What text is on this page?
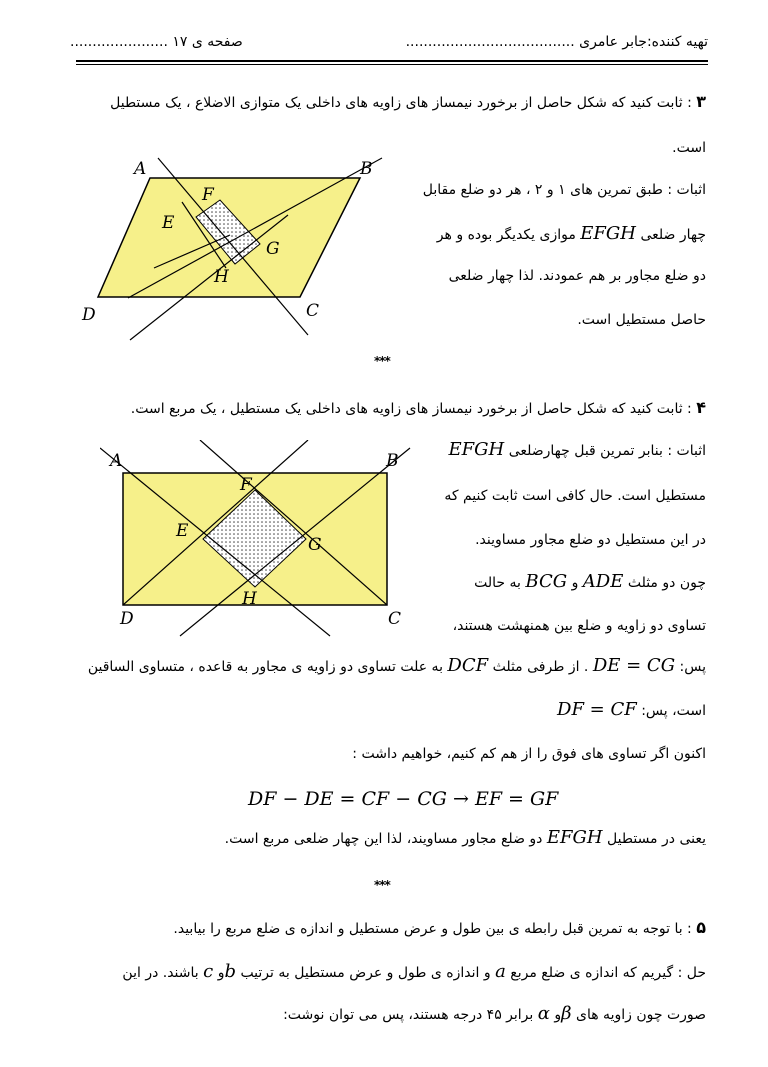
تهیه کننده:جابر عامری ......................................
صفحه ی ۱۷ ......................
۳ : ثابت کنید که شکل حاصل از برخورد نیمساز های زاویه های داخلی یک متوازی الاضلاع ، یک مستطیل
است.
اثبات : طبق تمرین های ۱ و ۲ ، هر دو ضلع مقابل
چهار ضلعی EFGH موازی یکدیگر بوده و هر
دو ضلع مجاور بر هم عمودند. لذا چهار ضلعی
حاصل مستطیل است.
A	B
C
D
E
F
G
H
***
۴ : ثابت کنید که شکل حاصل از برخورد نیمساز های زاویه های داخلی یک مستطیل ، یک مربع است.
اثبات : بنابر تمرین قبل چهارضلعی EFGH
مستطیل است. حال کافی است ثابت کنیم که
در این مستطیل دو ضلع مجاور مساویند.
چون دو مثلث ADE و BCG به حالت
تساوی دو زاویه و ضلع بین همنهشت هستند،
پس: DE = CG . از طرفی مثلث DCF به علت تساوی دو زاویه ی مجاور به قاعده ، متساوی الساقین
است، پس: DF = CF
اکنون اگر تساوی های فوق را از هم کم کنیم، خواهیم داشت :
DF − DE = CF − CG → EF = GF
یعنی در مستطیل EFGH دو ضلع مجاور مساویند، لذا این چهار ضلعی مربع است.
A	B
C
D
E
F
G
H
***
۵ : با توجه به تمرین قبل رابطه ی بین طول و عرض مستطیل و اندازه ی ضلع مربع را بیابید.
حل : گیریم که اندازه ی ضلع مربع a و اندازه ی طول و عرض مستطیل به ترتیب bو c باشند. در این
صورت چون زاویه های βو α برابر ۴۵ درجه هستند، پس می توان نوشت:
